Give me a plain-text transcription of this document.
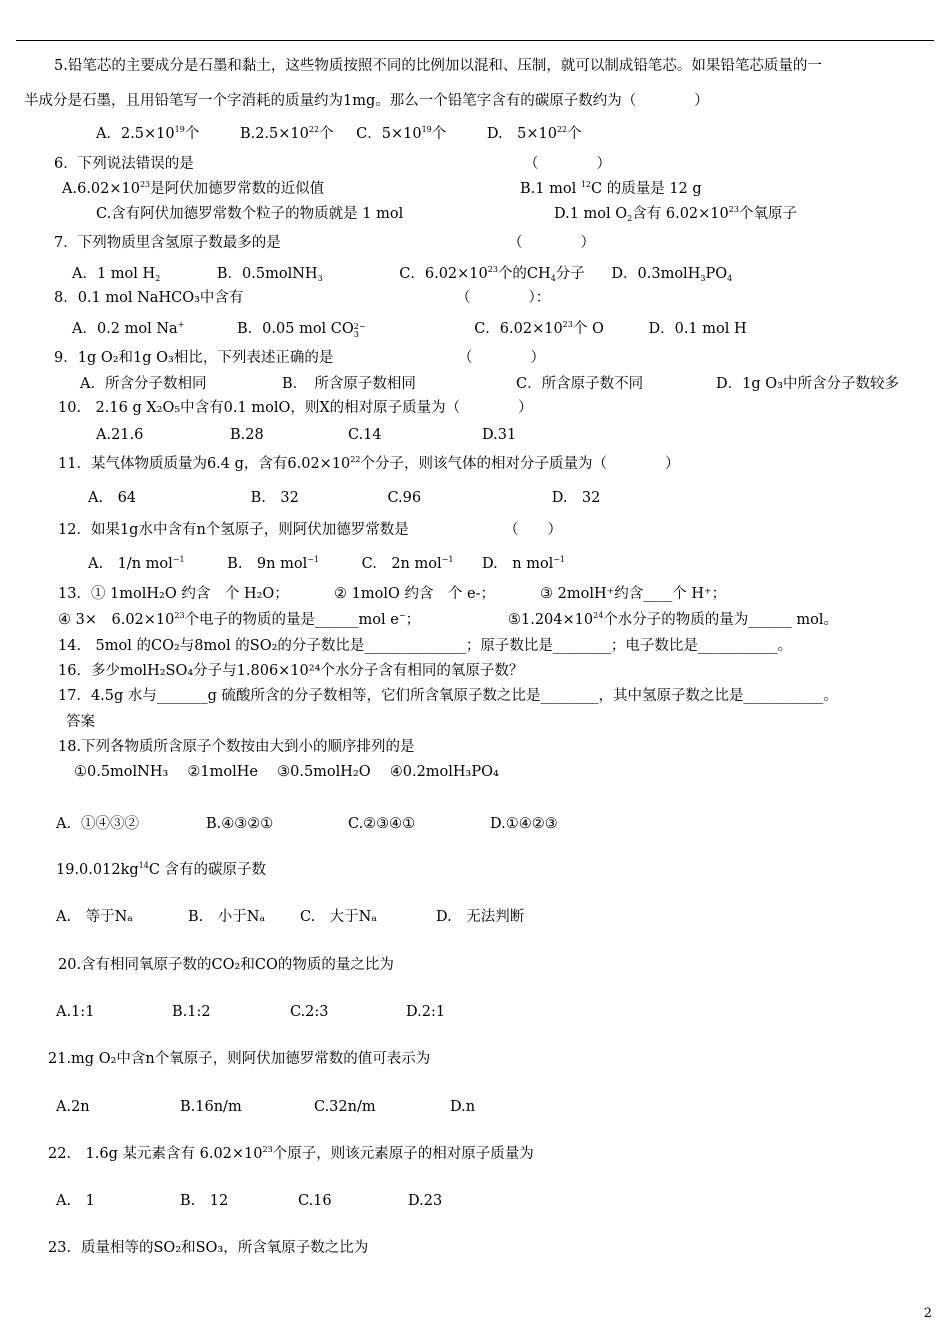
5.铅笔芯的主要成分是石墨和黏土，这些物质按照不同的比例加以混和、压制，就可以制成铅笔芯。如果铅笔芯质量的一
半成分是石墨，且用铅笔写一个字消耗的质量约为1mg。那么一个铅笔字含有的碳原子数约为（　　　　）
A．$2.5\times 10^{19}$个	$B.2.5\times 10^{22}$个 C．$5\times 10^{19}$个	D.　$5\times 10^{22}$个
6．下列说法错误的是	（　　　　）
$A.6.02\times 10^{23}$是阿伏加德罗常数的近似值	B.1 mol $^{12}$C 的质量是 12 g
C.含有阿伏加德罗常数个粒子的物质就是 1 mol	D.1 mol $O_2$含有 $6.02\times 10^{23}$个氧原子
7．下列物质里含氢原子数最多的是	（　　　　）
A．1 mol $H_2$	B．0.5molNH$_3$	C．$6.02\times 10^{23}$个的$CH_4$分子 D．$0.3molH_3PO_4$
8．0.1 mol NaHCO₃中含有	（　　　　）：
A．0.2 mol Na+	B．0.05 mol CO2−
3	C．$6.02\times 10^{23}$个 O	D．0.1 mol H
9．1g O₂和1g O₃相比，下列表述正确的是	（　　　　）
A．所含分子数相同	B．　所含原子数相同	C．所含原子数不同	D．1g O₃中所含分子数较多
10.　2.16 g X₂O₅中含有0.1 molO，则X的相对原子质量为（　　　　）
A.21.6	B.28	C.14	D.31
11．某气体物质质量为6.4 g，含有$6.02\times 10^{22}$个分子，则该气体的相对分子质量为（　　　　）
A.　64	B.　32	C.96	D.　32
12．如果1g水中含有n个氢原子，则阿伏加德罗常数是	（　　）
A.　1/n mol$^{-1}$	B.　9n mol$^{-1}$	C.　2n mol$^{-1}$ D.　n mol$^{-1}$
13．① 1molH₂O 约含　个 H₂O；	② 1molO 约含　个 e-；	③ 2molH⁺约含____个 H⁺；
④ 3×　$6.02\times 10^{23}$个电子的物质的量是______mol e−；	$⑤1.204\times 10^{24}$个水分子的物质的量为______ mol。
14.　5mol 的CO₂与8mol 的SO₂的分子数比是______________；原子数比是________；电子数比是___________。
16．多少molH₂SO₄分子与1.806×10²⁴个水分子含有相同的氧原子数？
17．4.5g 水与_______g 硫酸所含的分子数相等，它们所含氧原子数之比是________，其中氢原子数之比是___________。
答案
18.下列各物质所含原子个数按由大到小的顺序排列的是
①0.5molNH₃　 ②1molHe　 ③0.5molH₂O　 ④0.2molH₃PO₄
A．①④③②	B.④③②①	C.②③④①	D.①④②③
$19.0.012kg^{14}C$ 含有的碳原子数
A.　等于Nₐ	B.　小于Nₐ C.　大于Nₐ	D.　无法判断
20.含有相同氧原子数的CO₂和CO的物质的量之比为
A.1:1	B.1:2	C.2:3	D.2:1
21.mg O₂中含n个氧原子，则阿伏加德罗常数的值可表示为
A.2n	B.16n/m	C.32n/m	D.n
22.　1.6g 某元素含有 $6.02\times 10^{23}$个原子，则该元素原子的相对原子质量为
A.　1	B.　12	C.16	D.23
23．质量相等的SO₂和SO₃，所含氧原子数之比为
2
